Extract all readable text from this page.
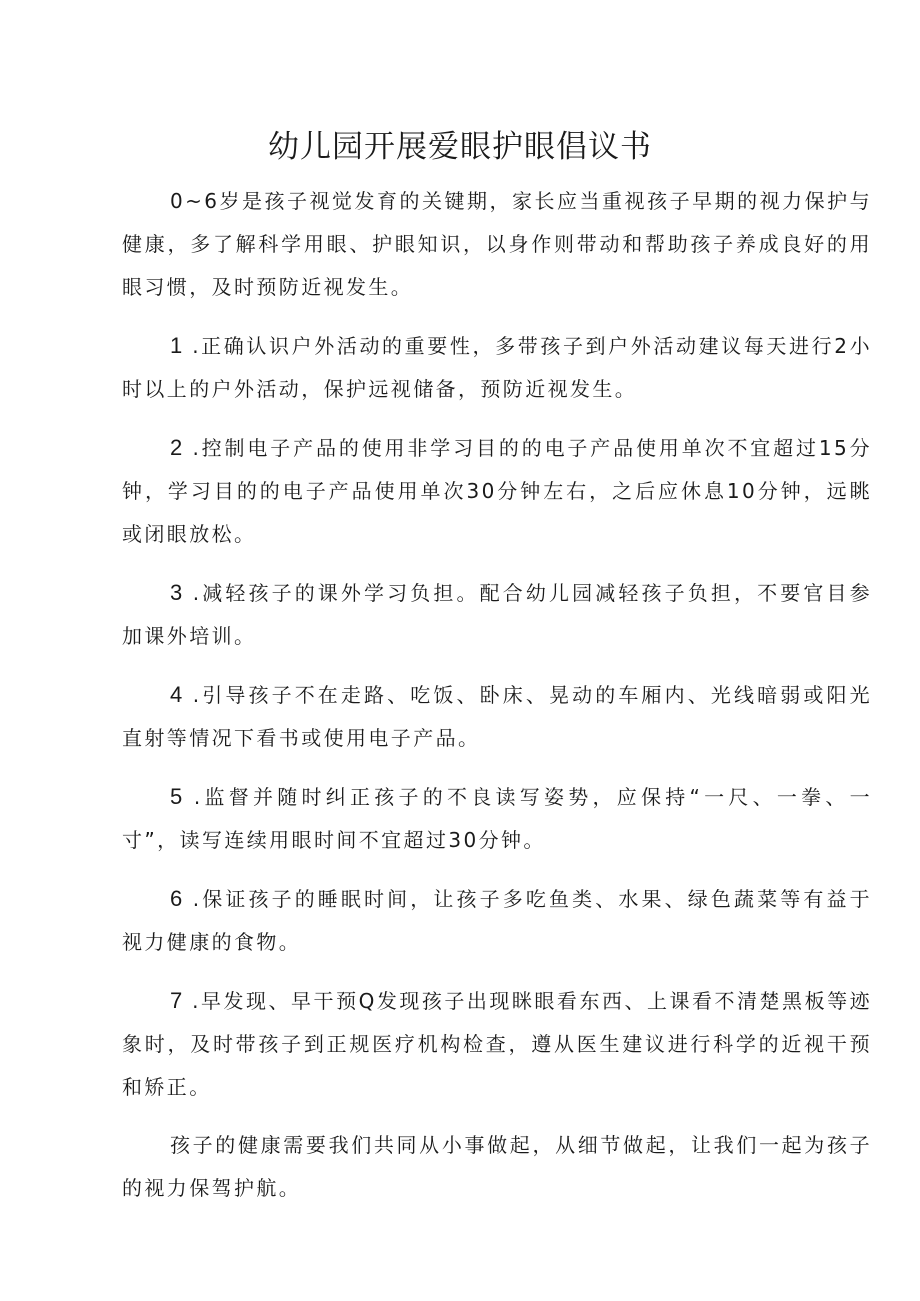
幼儿园开展爱眼护眼倡议书

0~6岁是孩子视觉发育的关键期，家长应当重视孩子早期的视力保护与健康，多了解科学用眼、护眼知识，以身作则带动和帮助孩子养成良好的用眼习惯，及时预防近视发生。

1 .正确认识户外活动的重要性，多带孩子到户外活动建议每天进行2小时以上的户外活动，保护远视储备，预防近视发生。

2 .控制电子产品的使用非学习目的的电子产品使用单次不宜超过15分钟，学习目的的电子产品使用单次30分钟左右，之后应休息10分钟，远眺或闭眼放松。

3 .减轻孩子的课外学习负担。配合幼儿园减轻孩子负担，不要官目参加课外培训。

4 .引导孩子不在走路、吃饭、卧床、晃动的车厢内、光线暗弱或阳光直射等情况下看书或使用电子产品。

5 .监督并随时纠正孩子的不良读写姿势，应保持“一尺、一拳、一寸”，读写连续用眼时间不宜超过30分钟。

6 .保证孩子的睡眠时间，让孩子多吃鱼类、水果、绿色蔬菜等有益于视力健康的食物。

7 .早发现、早干预Q发现孩子出现眯眼看东西、上课看不清楚黑板等迹象时，及时带孩子到正规医疗机构检查，遵从医生建议进行科学的近视干预和矫正。

孩子的健康需要我们共同从小事做起，从细节做起，让我们一起为孩子的视力保驾护航。
